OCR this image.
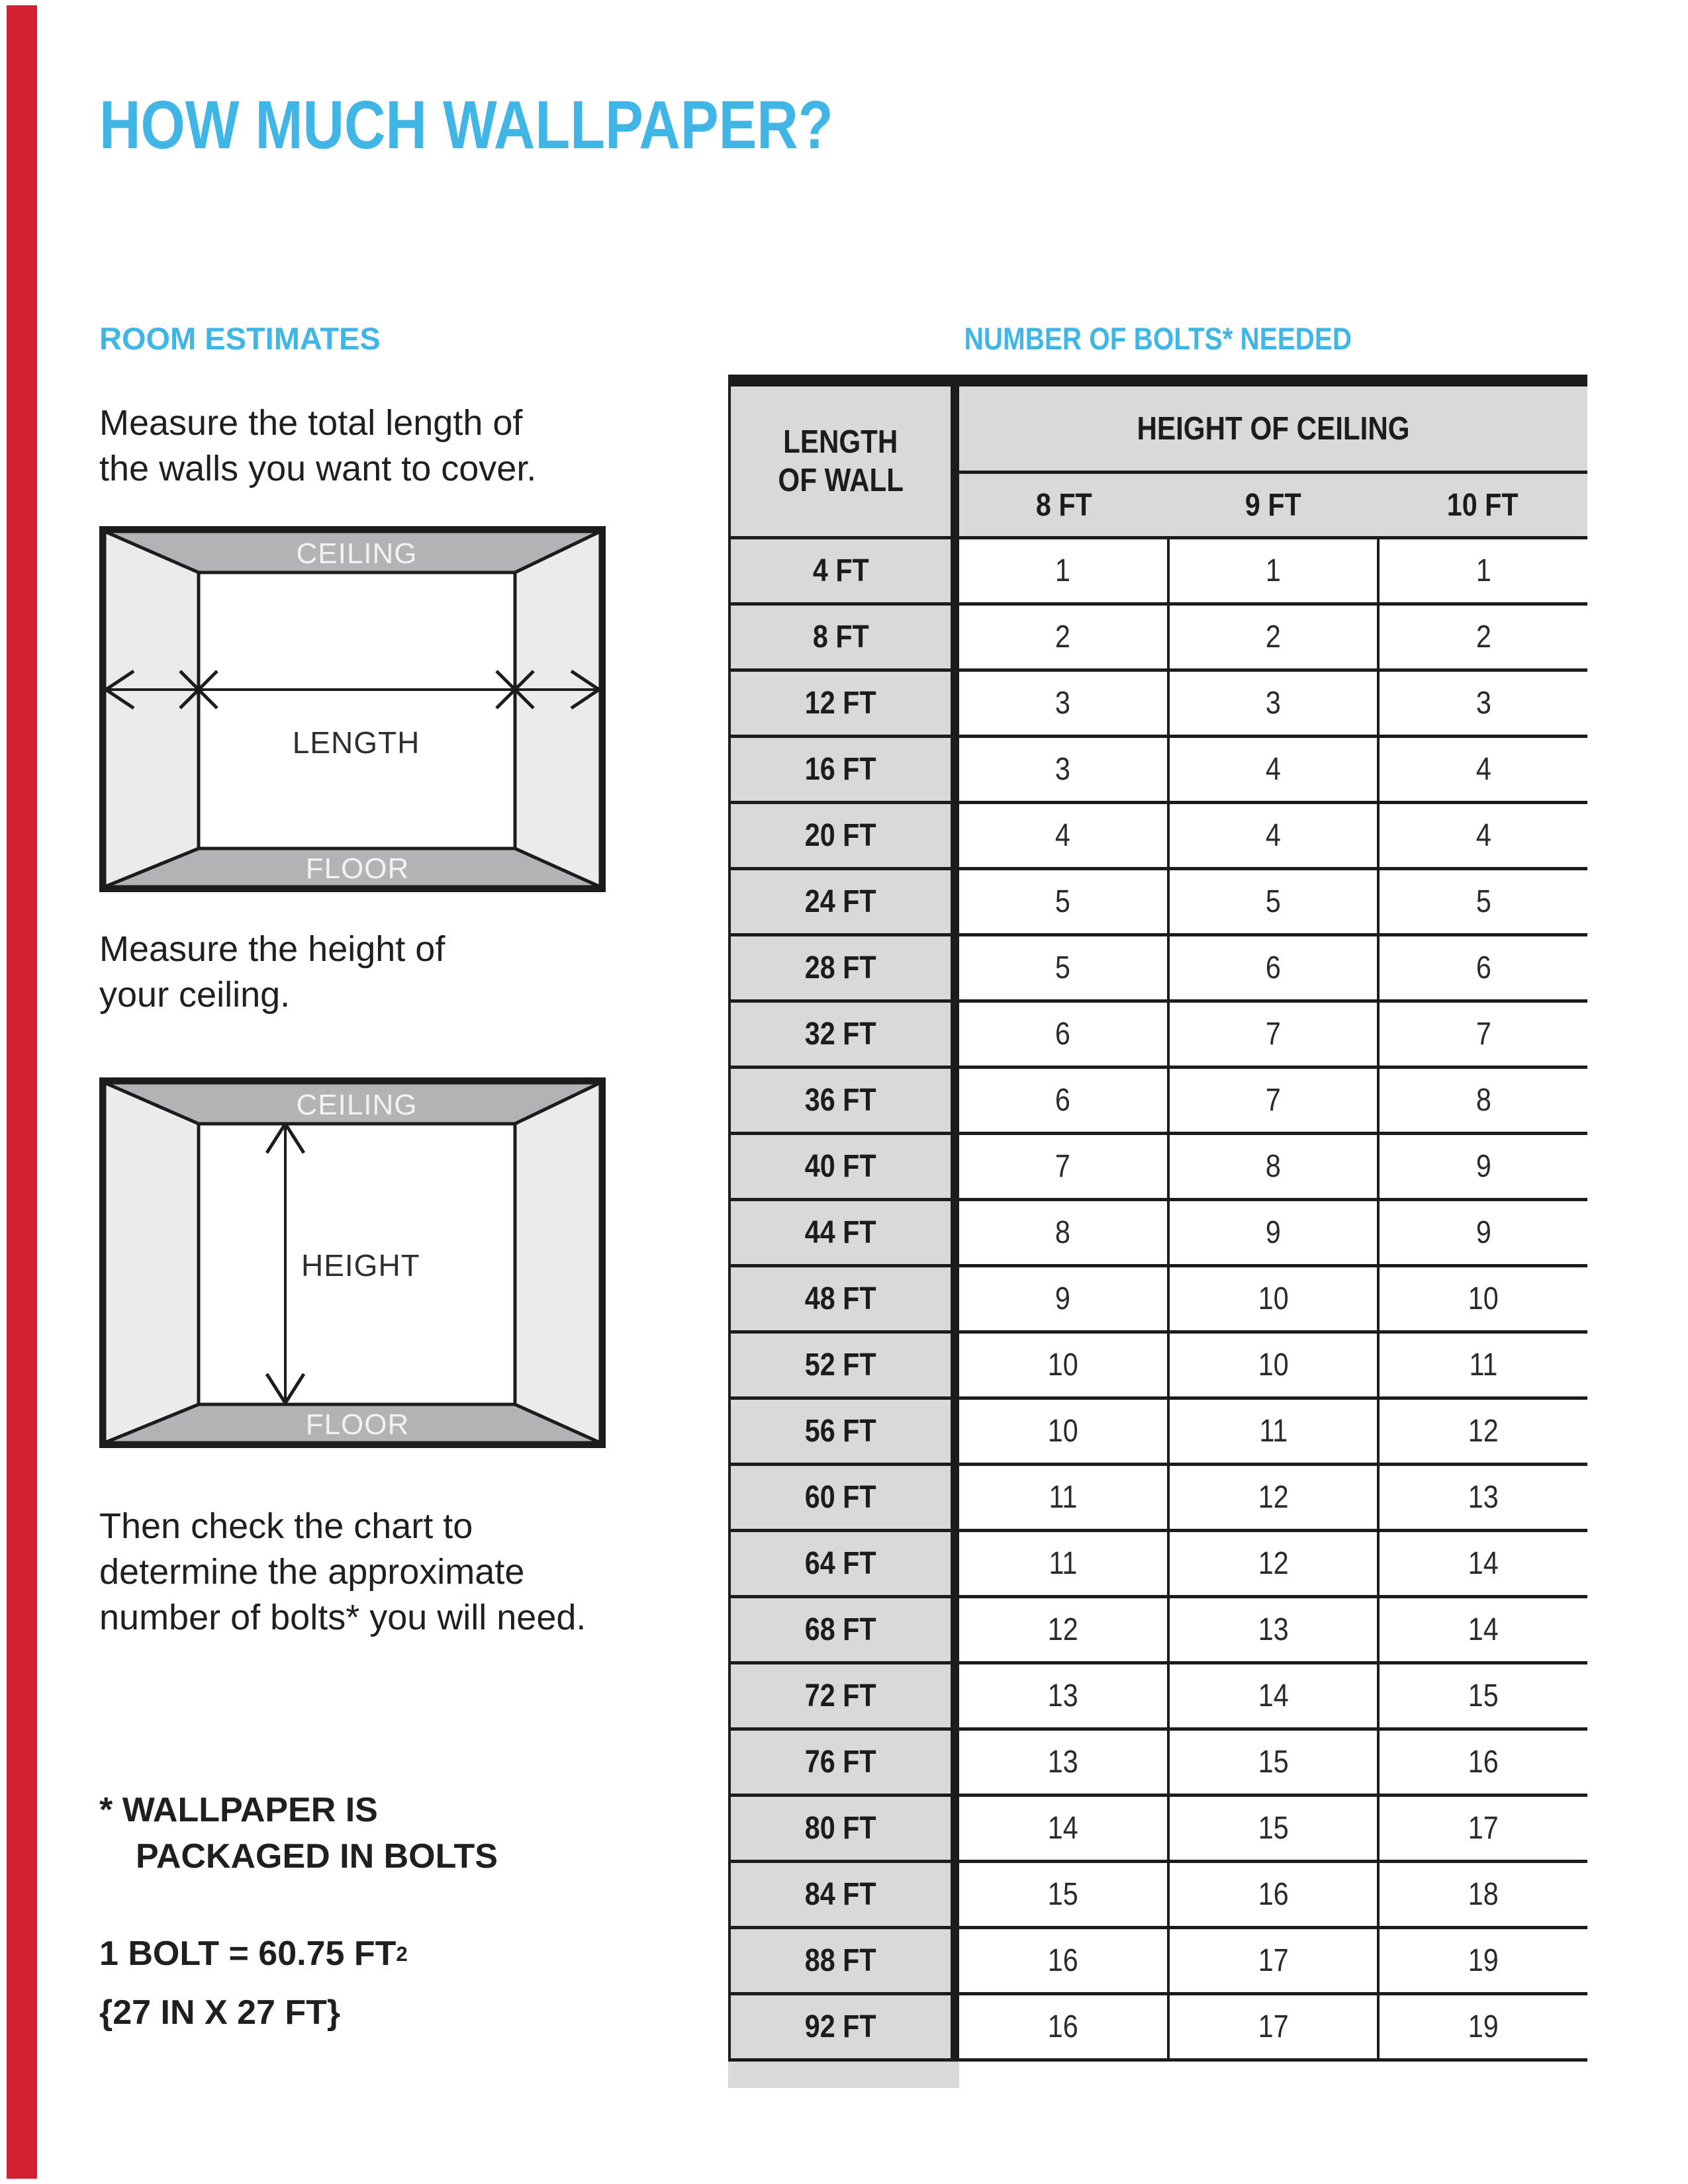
HOW MUCH WALLPAPER?
ROOM ESTIMATES	NUMBER OF BOLTS* NEEDED
Measure the total length of
the walls you want to cover.
CEILING
LENGTH
FLOOR
Measure the height of
your ceiling.
CEILING
HEIGHT
FLOOR
Then check the chart to
determine the approximate
number of bolts* you will need.
* WALLPAPER IS
PACKAGED IN BOLTS
1 BOLT = 60.75 $FT^2$
{27 IN X 27 FT}
LENGTH
OF WALL
HEIGHT OF CEILING
8 FT	9 FT	10 FT
4 FT	1	1	1
8 FT	2	2	2
12 FT	3	3	3
16 FT	3	4	4
20 FT	4	4	4
24 FT	5	5	5
28 FT	5	6	6
32 FT	6	7	7
36 FT	6	7	8
40 FT	7	8	9
44 FT	8	9	9
48 FT	9	10	10
52 FT	10	10	11
56 FT	10	11	12
60 FT	11	12	13
64 FT	11	12	14
68 FT	12	13	14
72 FT	13	14	15
76 FT	13	15	16
80 FT	14	15	17
84 FT	15	16	18
88 FT	16	17	19
92 FT	16	17	19
